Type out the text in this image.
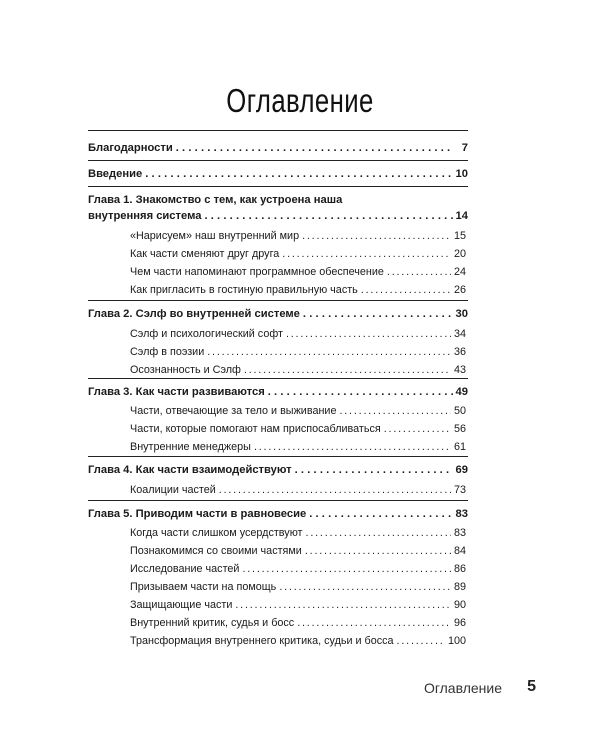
Оглавление
Благодарности .....	7
Введение .....	10
Глава 1. Знакомство с тем, как устроена наша
внутренняя система .....	14
«Нарисуем» наш внутренний мир .....	15
Как части сменяют друг друга .....	20
Чем части напоминают программное обеспечение .....	24
Как пригласить в гостиную правильную часть .....	26
Глава 2. Сэлф во внутренней системе .....	30
Сэлф и психологический софт .....	34
Сэлф в поэзии .....	36
Осознанность и Сэлф .....	43
Глава 3. Как части развиваются .....	49
Части, отвечающие за тело и выживание .....	50
Части, которые помогают нам приспосабливаться .....	56
Внутренние менеджеры .....	61
Глава 4. Как части взаимодействуют .....	69
Коалиции частей .....	73
Глава 5. Приводим части в равновесие .....	83
Когда части слишком усердствуют .....	83
Познакомимся со своими частями .....	84
Исследование частей .....	86
Призываем части на помощь .....	89
Защищающие части .....	90
Внутренний критик, судья и босс .....	96
Трансформация внутреннего критика, судьи и босса .....	100
Оглавление 5
